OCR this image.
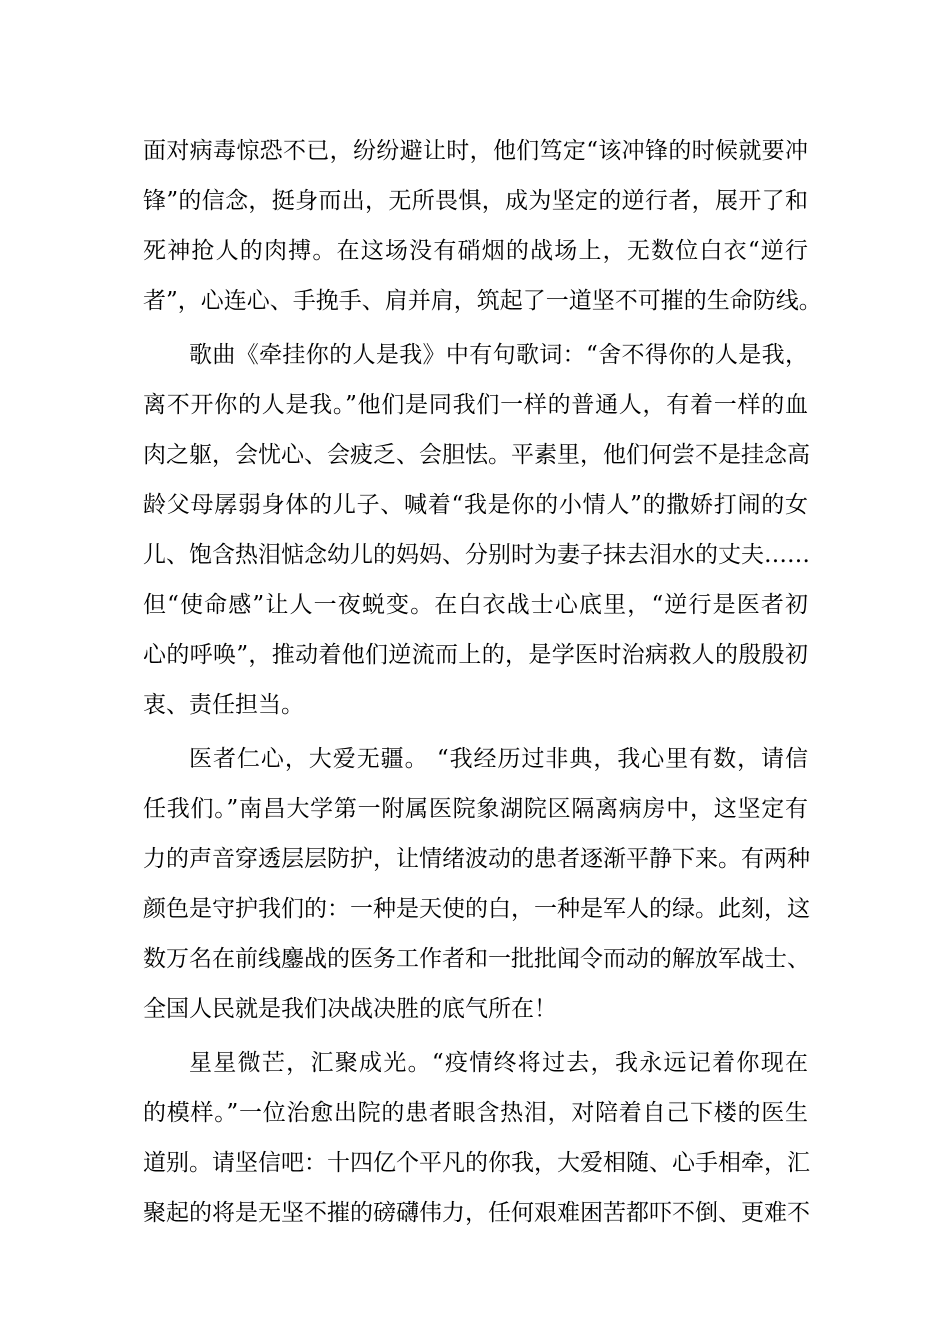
面对病毒惊恐不已，纷纷避让时，他们笃定“该冲锋的时候就要冲
锋”的信念，挺身而出，无所畏惧，成为坚定的逆行者，展开了和
死神抢人的肉搏。在这场没有硝烟的战场上，无数位白衣“逆行
者”，心连心、手挽手、肩并肩，筑起了一道坚不可摧的生命防线。
歌曲《牵挂你的人是我》中有句歌词：“舍不得你的人是我，
离不开你的人是我。”他们是同我们一样的普通人，有着一样的血
肉之躯，会忧心、会疲乏、会胆怯。平素里，他们何尝不是挂念高
龄父母孱弱身体的儿子、喊着“我是你的小情人”的撒娇打闹的女
儿、饱含热泪惦念幼儿的妈妈、分别时为妻子抹去泪水的丈夫……
但“使命感”让人一夜蜕变。在白衣战士心底里，“逆行是医者初
心的呼唤”，推动着他们逆流而上的，是学医时治病救人的殷殷初
衷、责任担当。
医者仁心，大爱无疆。 “我经历过非典，我心里有数，请信
任我们。”南昌大学第一附属医院象湖院区隔离病房中，这坚定有
力的声音穿透层层防护，让情绪波动的患者逐渐平静下来。有两种
颜色是守护我们的：一种是天使的白，一种是军人的绿。此刻，这
数万名在前线鏖战的医务工作者和一批批闻令而动的解放军战士、
全国人民就是我们决战决胜的底气所在！
星星微芒，汇聚成光。“疫情终将过去，我永远记着你现在
的模样。”一位治愈出院的患者眼含热泪，对陪着自己下楼的医生
道别。请坚信吧：十四亿个平凡的你我，大爱相随、心手相牵，汇
聚起的将是无坚不摧的磅礴伟力，任何艰难困苦都吓不倒、更难不
